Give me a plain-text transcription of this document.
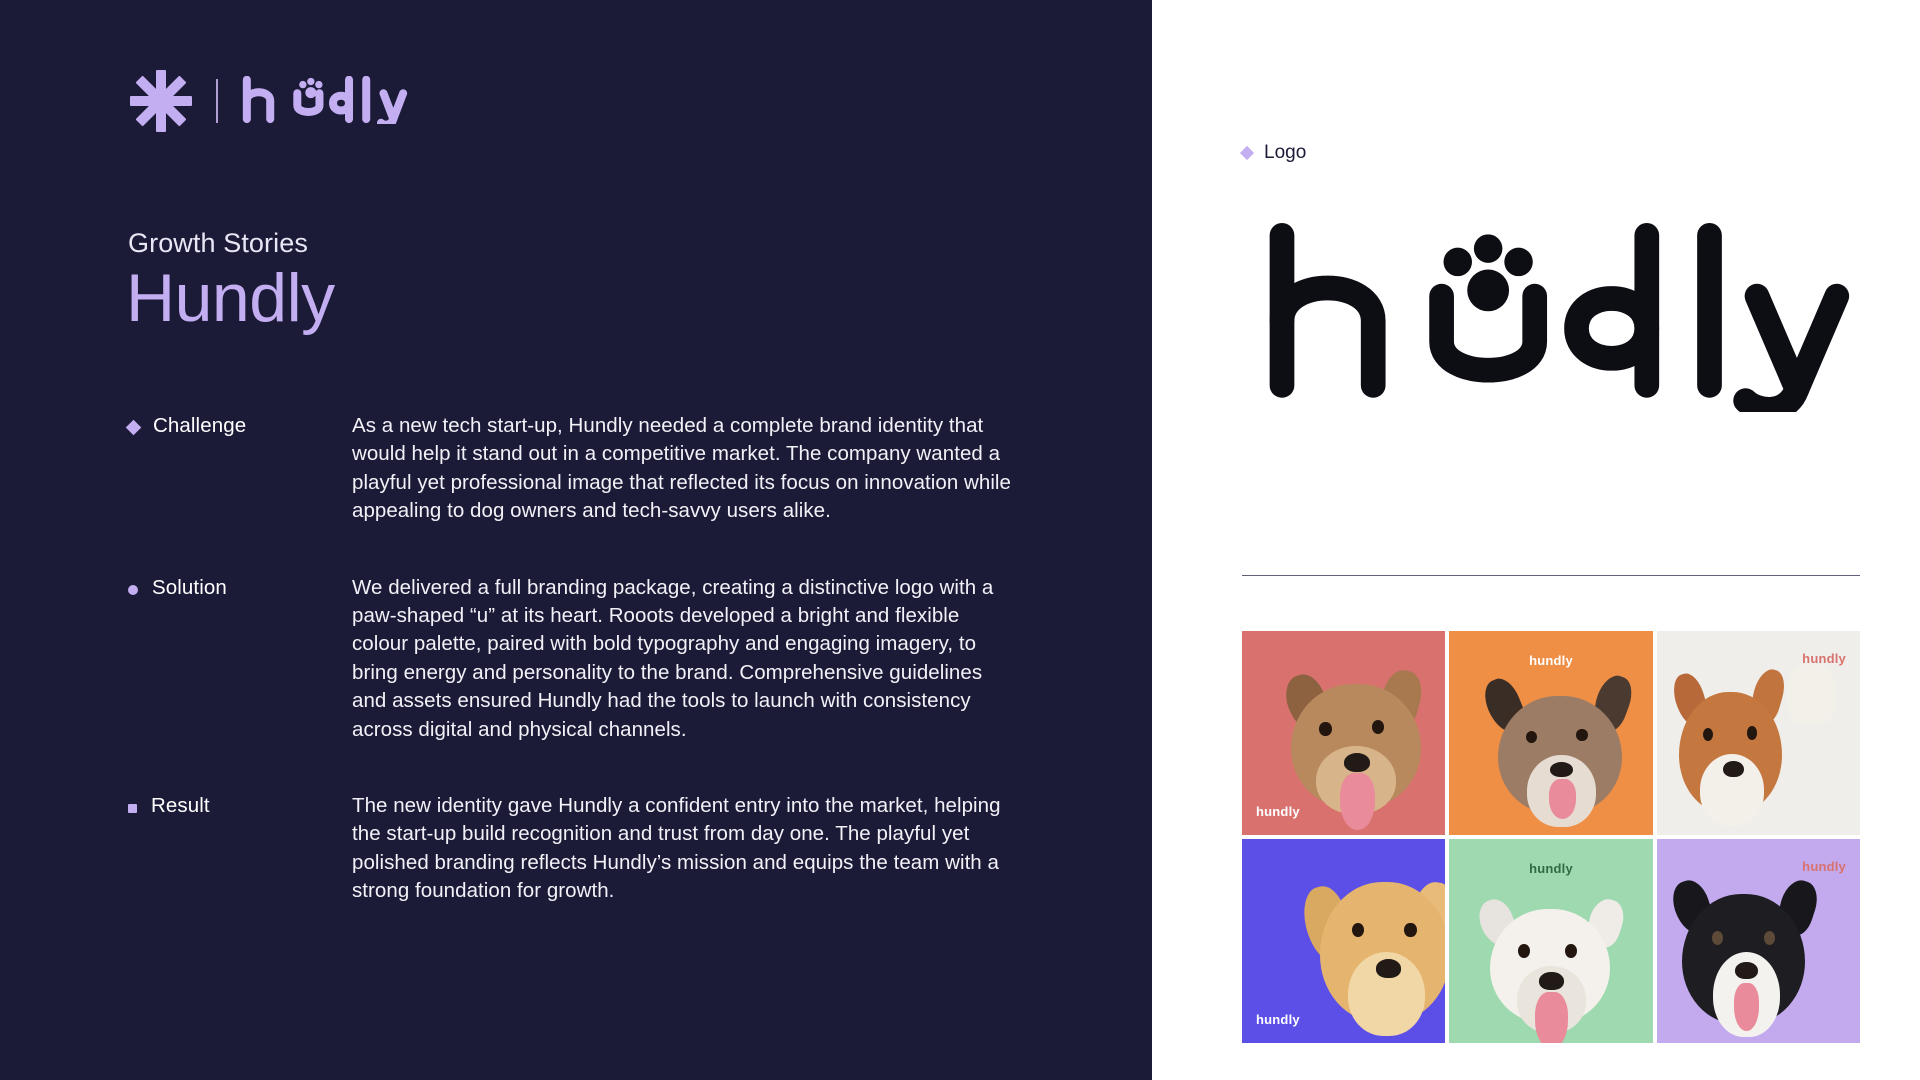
Growth Stories
Hundly
Challenge	As a new tech start-up, Hundly needed a complete brand identity that would help it stand out in a competitive market. The company wanted a playful yet professional image that reflected its focus on innovation while appealing to dog owners and tech-savvy users alike.

Solution	We delivered a full branding package, creating a distinctive logo with a paw-shaped “u” at its heart. Rooots developed a bright and flexible colour palette, paired with bold typography and engaging imagery, to bring energy and personality to the brand. Comprehensive guidelines and assets ensured Hundly had the tools to launch with consistency across digital and physical channels.

Result	The new identity gave Hundly a confident entry into the market, helping the start-up build recognition and trust from day one. The playful yet polished branding reflects Hundly’s mission and equips the team with a strong foundation for growth.

Logo
hundly
hundly	hundly
hundly
hundly	hundly
